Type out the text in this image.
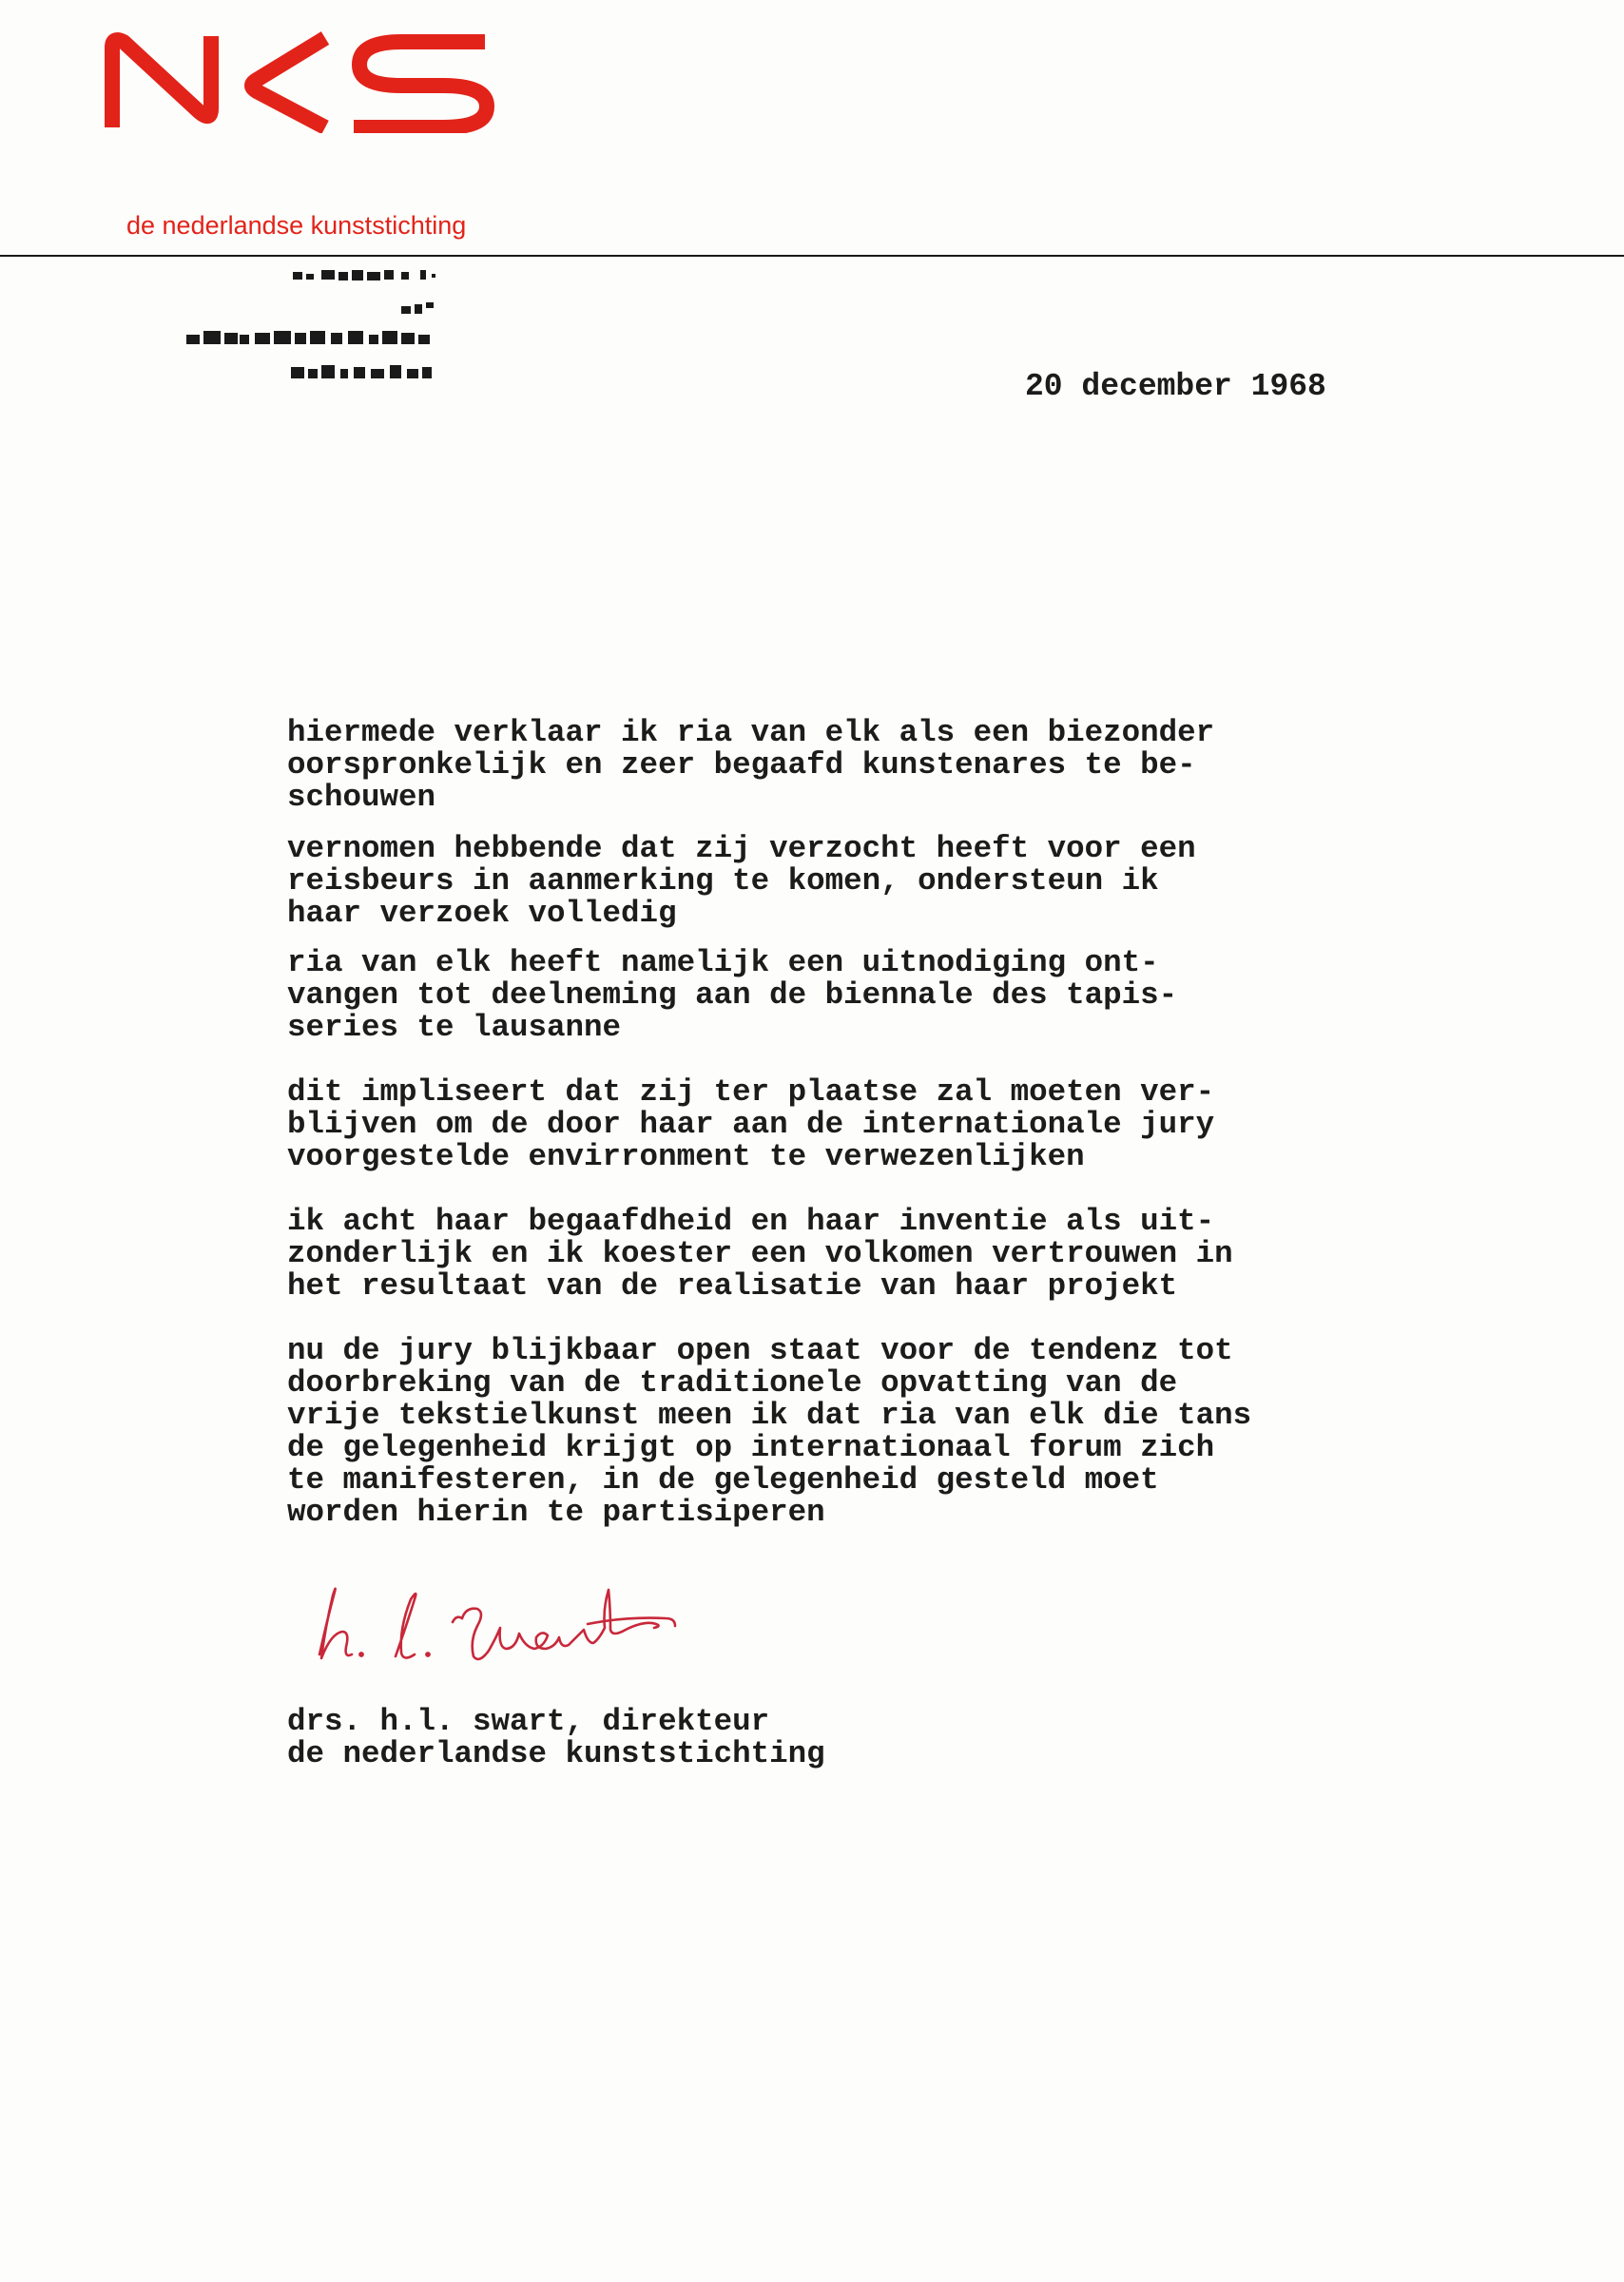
de nederlandse kunststichting
20 december 1968

hiermede verklaar ik ria van elk als een biezonder
oorspronkelijk en zeer begaafd kunstenares te be-
schouwen

vernomen hebbende dat zij verzocht heeft voor een
reisbeurs in aanmerking te komen, ondersteun ik
haar verzoek volledig

ria van elk heeft namelijk een uitnodiging ont-
vangen tot deelneming aan de biennale des tapis-
series te lausanne

dit impliseert dat zij ter plaatse zal moeten ver-
blijven om de door haar aan de internationale jury
voorgestelde envirronment te verwezenlijken

ik acht haar begaafdheid en haar inventie als uit-
zonderlijk en ik koester een volkomen vertrouwen in
het resultaat van de realisatie van haar projekt

nu de jury blijkbaar open staat voor de tendenz tot
doorbreking van de traditionele opvatting van de
vrije tekstielkunst meen ik dat ria van elk die tans
de gelegenheid krijgt op internationaal forum zich
te manifesteren, in de gelegenheid gesteld moet
worden hierin te partisiperen

drs. h.l. swart, direkteur
de nederlandse kunststichting
